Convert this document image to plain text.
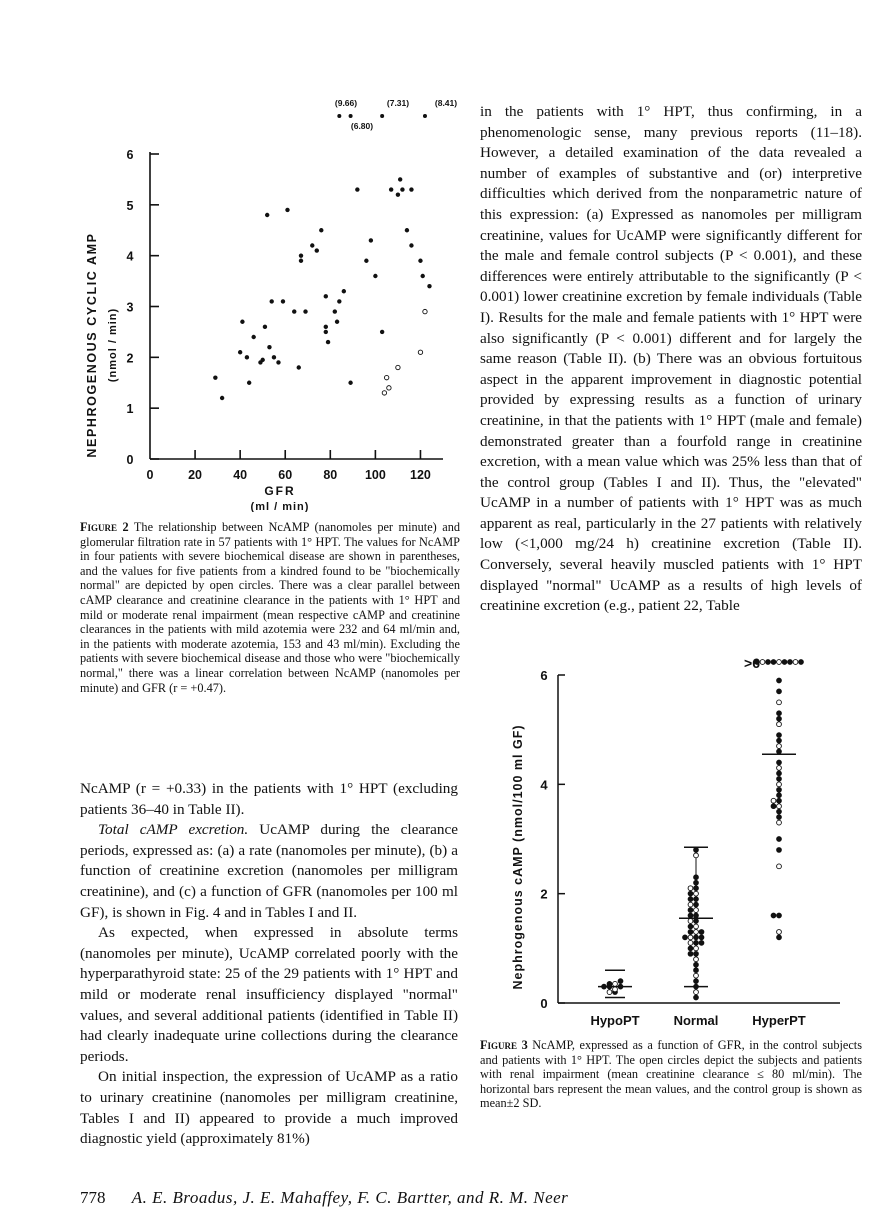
NEPHROGENOUS CYCLIC AMP (nmol / min)
0
1
2
3
4
5
6
0	20 40 60 80 100 120
(9.66)	(7.31)	(8.41)
(6.80)
GFR
(ml / min)
Figure 2 The relationship between NcAMP (nanomoles per minute) and glomerular filtration rate in 57 patients with 1° HPT. The values for NcAMP in four patients with severe biochemical disease are shown in parentheses, and the values for five patients from a kindred found to be "biochemically normal" are depicted by open circles. There was a clear parallel between cAMP clearance and creatinine clearance in the patients with 1° HPT and mild or moderate renal impairment (mean respective cAMP and creatinine clearances in the patients with mild azotemia were 232 and 64 ml/min and, in the patients with moderate azotemia, 153 and 43 ml/min). Excluding the patients with severe biochemical disease and those who were "biochemically normal," there was a linear correlation between NcAMP (nanomoles per minute) and GFR (r = +0.47).

NcAMP (r = +0.33) in the patients with 1° HPT (excluding patients 36–40 in Table II).

Total cAMP excretion. UcAMP during the clearance periods, expressed as: (a) a rate (nanomoles per minute), (b) a function of creatinine excretion (nanomoles per milligram creatinine), and (c) a function of GFR (nanomoles per 100 ml GF), is shown in Fig. 4 and in Tables I and II.

As expected, when expressed in absolute terms (nanomoles per minute), UcAMP correlated poorly with the hyperparathyroid state: 25 of the 29 patients with 1° HPT and mild or moderate renal insufficiency displayed "normal" values, and several additional patients (identified in Table II) had clearly inadequate urine collections during the clearance periods.

On initial inspection, the expression of UcAMP as a ratio to urinary creatinine (nanomoles per milligram creatinine, Tables I and II) appeared to provide a much improved diagnostic yield (approximately 81%)

in the patients with 1° HPT, thus confirming, in a phenomenologic sense, many previous reports (11–18). However, a detailed examination of the data revealed a number of examples of substantive and (or) interpretive difficulties which derived from the nonparametric nature of this expression: (a) Expressed as nanomoles per milligram creatinine, values for UcAMP were significantly different for the male and female control subjects (P < 0.001), and these differences were entirely attributable to the significantly (P < 0.001) lower creatinine excretion by female individuals (Table I). Results for the male and female patients with 1° HPT were also significantly (P < 0.001) different and for largely the same reason (Table II). (b) There was an obvious fortuitous aspect in the apparent improvement in diagnostic potential provided by expressing results as a function of urinary creatinine, in that the patients with 1° HPT (male and female) demonstrated greater than a fourfold range in creatinine excretion, with a mean value which was 25% less than that of the control group (Tables I and II). Thus, the "elevated" UcAMP in a number of patients with 1° HPT was as much apparent as real, particularly in the 27 patients with relatively low (<1,000 mg/24 h) creatinine excretion (Table II). Conversely, several heavily muscled patients with 1° HPT displayed "normal" UcAMP as a results of high levels of creatinine excretion (e.g., patient 22, Table

Nephrogenous cAMP (nmol/100 ml GF)
0
2
4
6
HypoPT	Normal	HyperPT
>6
Figure 3 NcAMP, expressed as a function of GFR, in the control subjects and patients with 1° HPT. The open circles depict the subjects and patients with renal impairment (mean creatinine clearance ≤ 80 ml/min). The horizontal bars represent the mean values, and the control group is shown as mean±2 SD.
778 A. E. Broadus, J. E. Mahaffey, F. C. Bartter, and R. M. Neer
